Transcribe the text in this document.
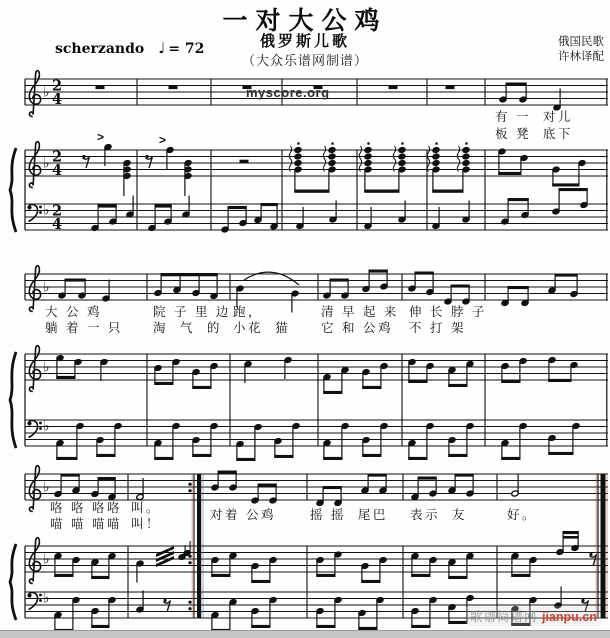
一对大公鸡
俄罗斯儿歌
（大众乐谱网制谱）
scherzando ♩ = 72	俄国民歌
许林译配
♭
♭
♭
2
4
2
4
2
4
♭
♭
♭
♭
♭
♭
>	>
myscore.org
有 一  对儿
板 凳  底下
大 公 鸡	院 子 里 边 跑，	清 早 起 来 伸 长 脖 子
躺 着 一 只 淘  气  的 小花  猫 它 和 公鸡 不 打 架
咯 咯 咯咯 叫。
喵 喵 喵喵 叫！
对着 公鸡	摇 摇  尾巴 表示  友	好。
歌谱简谱网 jianpu.cn
